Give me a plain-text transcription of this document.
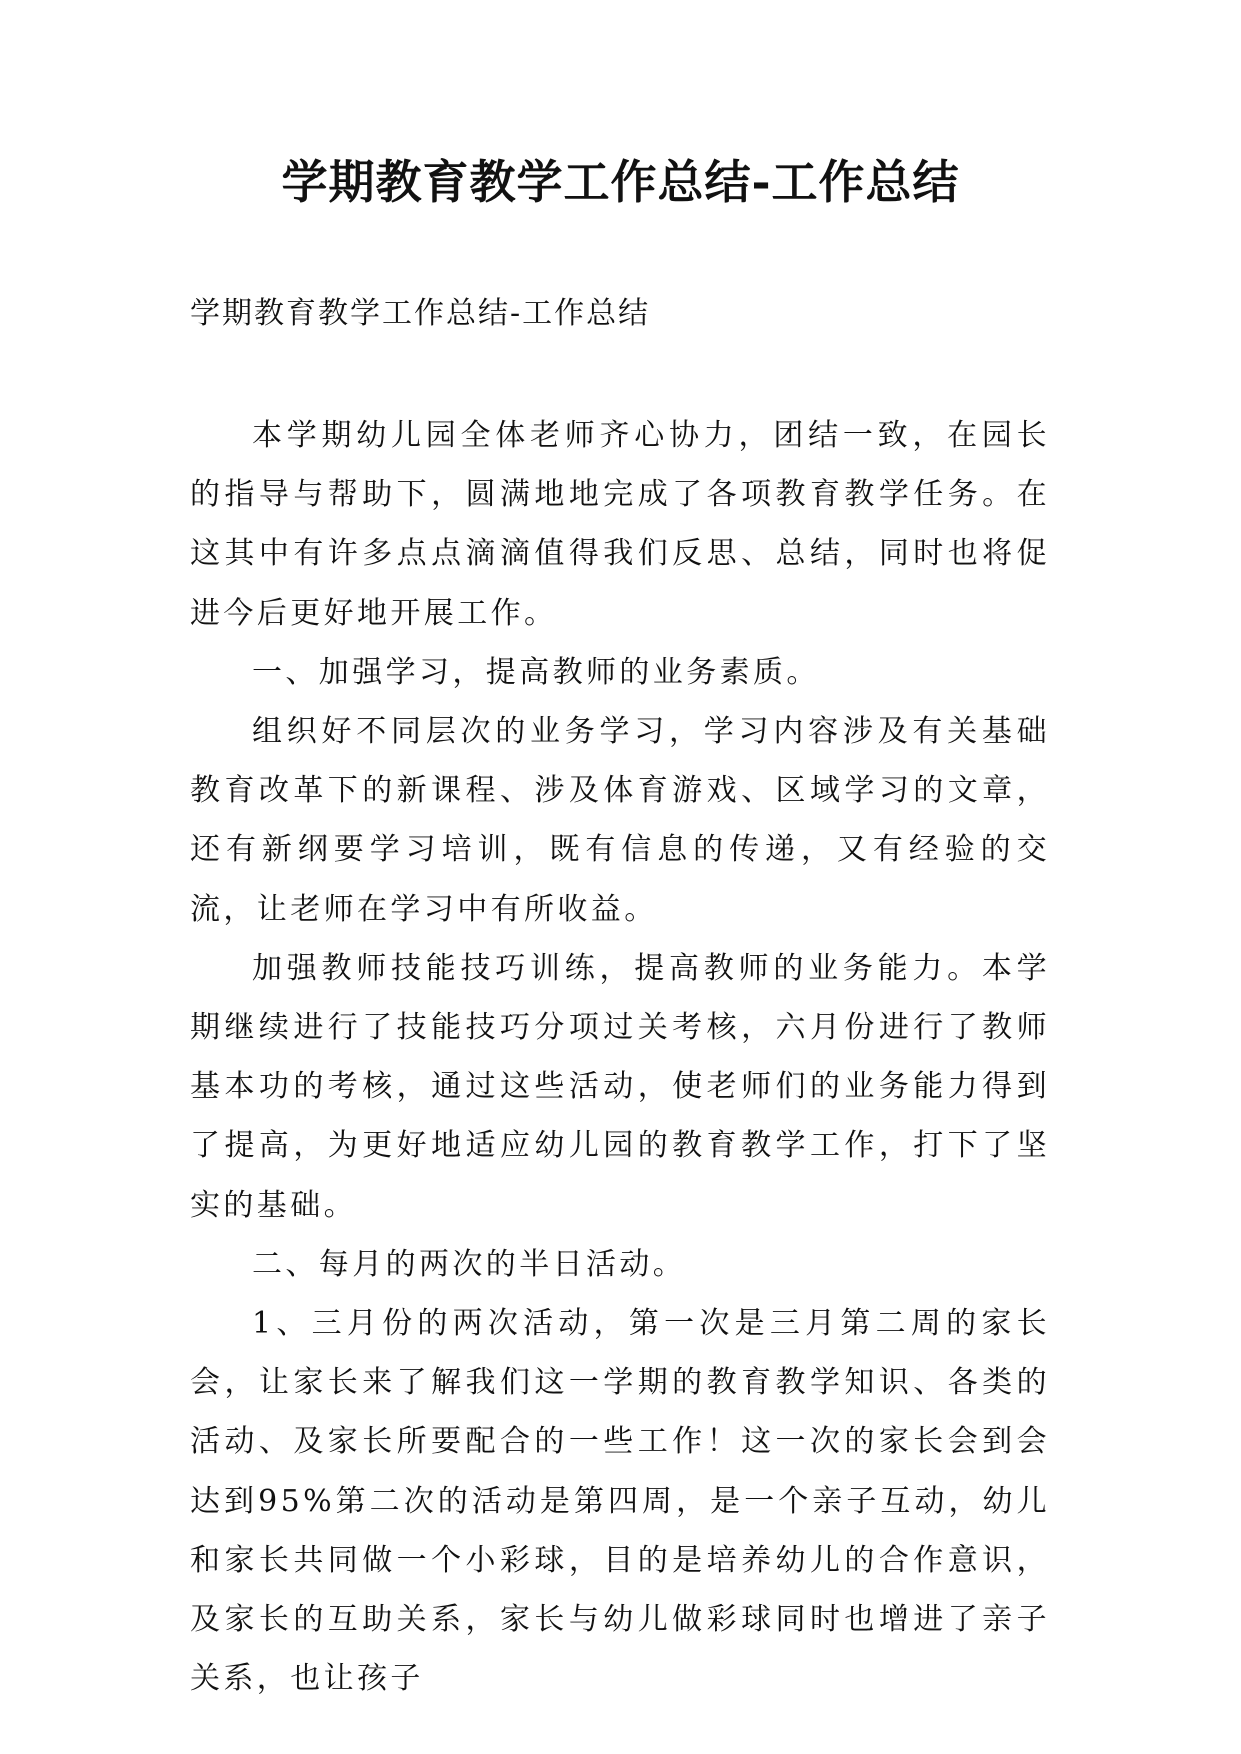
学期教育教学工作总结-工作总结

学期教育教学工作总结-工作总结

本学期幼儿园全体老师齐心协力，团结一致，在园长的指导与帮助下，圆满地地完成了各项教育教学任务。在这其中有许多点点滴滴值得我们反思、总结，同时也将促进今后更好地开展工作。

一、加强学习，提高教师的业务素质。

组织好不同层次的业务学习，学习内容涉及有关基础教育改革下的新课程、涉及体育游戏、区域学习的文章，还有新纲要学习培训，既有信息的传递，又有经验的交流，让老师在学习中有所收益。

加强教师技能技巧训练，提高教师的业务能力。本学期继续进行了技能技巧分项过关考核，六月份进行了教师基本功的考核，通过这些活动，使老师们的业务能力得到了提高，为更好地适应幼儿园的教育教学工作，打下了坚实的基础。

二、每月的两次的半日活动。

1、三月份的两次活动，第一次是三月第二周的家长会，让家长来了解我们这一学期的教育教学知识、各类的活动、及家长所要配合的一些工作！这一次的家长会到会达到95%第二次的活动是第四周，是一个亲子互动，幼儿和家长共同做一个小彩球，目的是培养幼儿的合作意识，及家长的互助关系，家长与幼儿做彩球同时也增进了亲子关系，也让孩子
